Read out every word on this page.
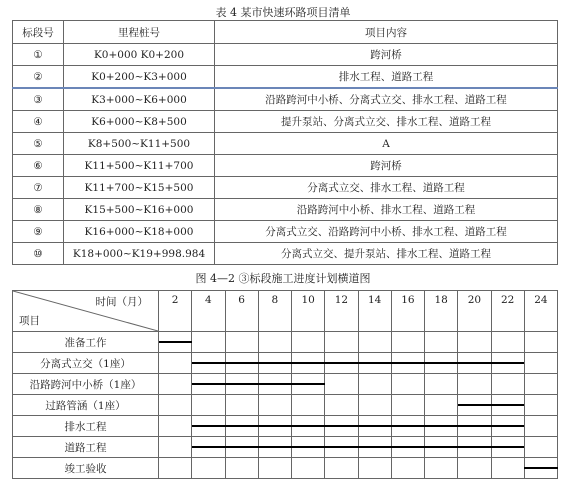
表 4 某市快速环路项目清单
标段号	里程桩号	项目内容
①	K0+000 K0+200	跨河桥
②	K0+200~K3+000	排水工程、道路工程
③	K3+000~K6+000	沿路跨河中小桥、分离式立交、排水工程、道路工程
④	K6+000~K8+500	提升泵站、分离式立交、排水工程、道路工程
⑤	K8+500~K11+500	A
⑥	K11+500~K11+700	跨河桥
⑦	K11+700~K15+500	分离式立交、排水工程、道路工程
⑧	K15+500~K16+000	沿路跨河中小桥、排水工程、道路工程
⑨	K16+000~K18+000	分离式立交、沿路跨河中小桥、排水工程、道路工程
⑩	K18+000~K19+998.984	分离式立交、提升泵站、排水工程、道路工程
图 4—2 ③标段施工进度计划横道图
时间（月）
项目	2	4	6	8	10	12	14	16	18	20	22	24
准备工作												
分离式立交（1座）												
沿路跨河中小桥（1座）												
过路管涵（1座）												
排水工程												
道路工程												
竣工验收												
